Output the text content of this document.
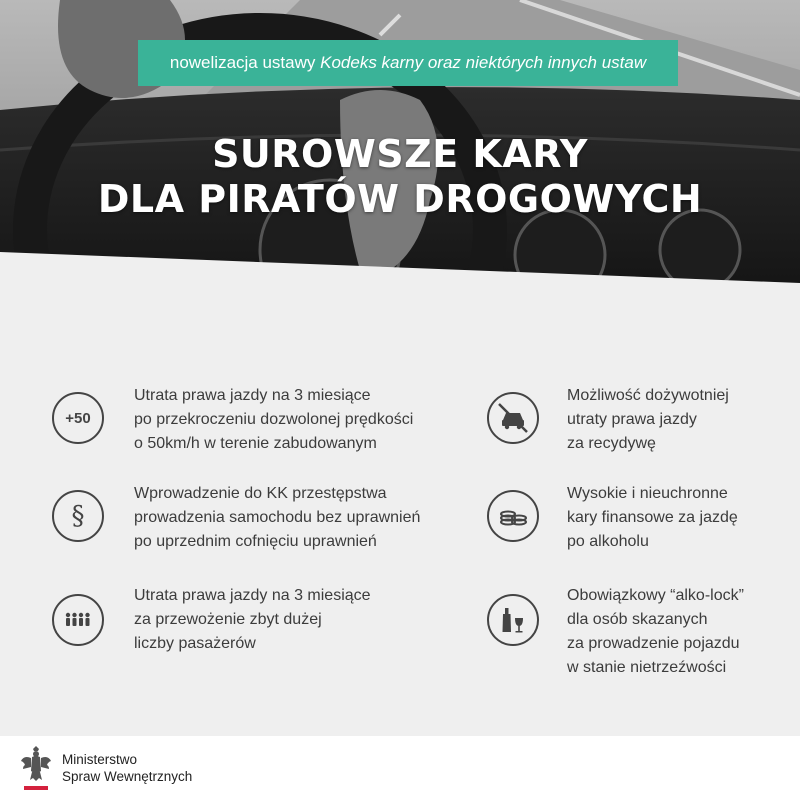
nowelizacja ustawy
Kodeks karny oraz niektórych innych ustaw
SUROWSZE KARY
DLA PIRATÓW DROGOWYCH
+50
Utrata prawa jazdy na 3 miesiące
po przekroczeniu dozwolonej prędkości
o 50km/h w terenie zabudowanym
Możliwość dożywotniej
utraty prawa jazdy
za recydywę
§
Wprowadzenie do KK przestępstwa
prowadzenia samochodu bez uprawnień
po uprzednim cofnięciu uprawnień
Wysokie i nieuchronne
kary finansowe za jazdę
po alkoholu
Utrata prawa jazdy na 3 miesiące
za przewożenie zbyt dużej
liczby pasażerów
Obowiązkowy “alko-lock”
dla osób skazanych
za prowadzenie pojazdu
w stanie nietrzeźwości
Ministerstwo
Spraw Wewnętrznych
